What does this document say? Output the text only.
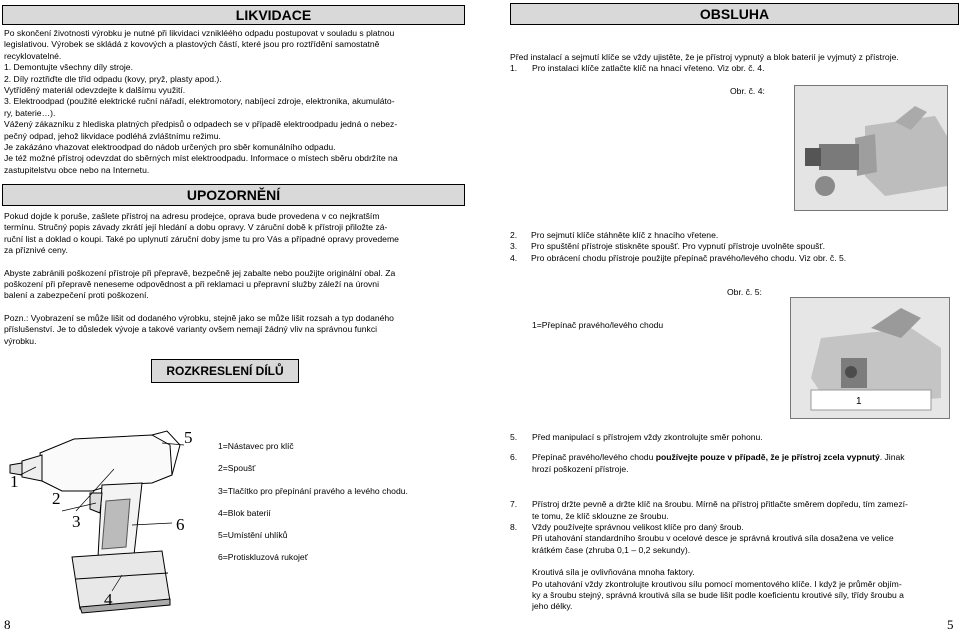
LIKVIDACE

Po skončení životnosti výrobku je nutné při likvidaci vznikléého odpadu postupovat v souladu s platnou

legislativou. Výrobek se skládá z kovových a plastových částí, které jsou pro roztřídění samostatně

recyklovatelné.

1. Demontujte všechny díly stroje.

2. Díly roztřiďte dle tříd odpadu (kovy, pryž, plasty apod.).

Vytříděný materiál odevzdejte k dalšímu využití.

3. Elektroodpad (použité elektrické ruční nářadí, elektromotory, nabíjecí zdroje, elektronika, akumuláto-

ry, baterie…).

Vážený zákazníku z hlediska platných předpisů o odpadech se v případě elektroodpadu jedná o nebez-

pečný odpad, jehož likvidace podléhá zvláštnímu režimu.

Je zakázáno vhazovat elektroodpad do nádob určených pro sběr komunálního odpadu.

Je též možné přístroj odevzdat do sběrných míst elektroodpadu. Informace o místech sběru obdržíte na

zastupitelstvu obce nebo na Internetu.

UPOZORNĚNÍ

Pokud dojde k poruše, zašlete přístroj na adresu prodejce, oprava bude provedena v co nejkratším

termínu. Stručný popis závady zkrátí její hledání a dobu opravy. V záruční době k přístroji přiložte zá-

ruční list a doklad o koupi. Také po uplynutí záruční doby jsme tu pro Vás a případné opravy provedeme

za příznivé ceny.

Abyste zabránili poškození přístroje při přepravě, bezpečně jej zabalte nebo použijte originální obal. Za

poškození při přepravě neneseme odpovědnost a při reklamaci u přepravní služby záleží na úrovni

balení a zabezpečení proti poškození.

Pozn.: Vyobrazení se může lišit od dodaného výrobku, stejně jako se může lišit rozsah a typ dodaného

příslušenství. Je to důsledek vývoje a takové varianty ovšem nemají žádný vliv na správnou funkci

výrobku.

ROZKRESLENÍ DÍLŮ
1
2
3
4
5
6
1=Nástavec pro klíč
2=Spoušť
3=Tlačítko pro přepínání pravého a levého chodu.
4=Blok baterií
5=Umístění uhlíků
6=Protiskluzová rukojeť
8
OBSLUHA

Před instalací a sejmutí klíče se vždy ujistěte, že je přístroj vypnutý a blok baterií je vyjmutý z přístroje.

1. Pro instalaci klíče zatlačte klíč na hnací vřeteno. Viz obr. č. 4.
Obr. č. 4:
2. Pro sejmutí klíče stáhněte klíč z hnacího vřetene.
3. Pro spuštění přístroje stiskněte spoušť. Pro vypnutí přístroje uvolněte spoušť.
4. Pro obrácení chodu přístroje použijte přepínač pravého/levého chodu. Viz obr. č. 5.
Obr. č. 5:
1=Přepínač pravého/levého chodu
1
5. Před manipulací s přístrojem vždy zkontrolujte směr pohonu.
6. Přepínač pravého/levého chodu používejte pouze v případě, že je přístroj zcela vypnutý. Jinak

hrozí poškození přístroje.

7. Přístroj držte pevně a držte klíč na šroubu. Mírně na přístroj přitlačte směrem dopředu, tím zamezí-

te tomu, že klíč sklouzne ze šroubu.

8. Vždy používejte správnou velikost klíče pro daný šroub.

Při utahování standardního šroubu v ocelové desce je správná kroutivá síla dosažena ve velice

krátkém čase (zhruba 0,1 – 0,2 sekundy).

Kroutivá síla je ovlivňována mnoha faktory.

Po utahování vždy zkontrolujte kroutivou sílu pomocí momentového klíče. I když je průměr objím-

ky a šroubu stejný, správná kroutivá síla se bude lišit podle koeficientu kroutivé síly, třídy šroubu a

jeho délky.

5
